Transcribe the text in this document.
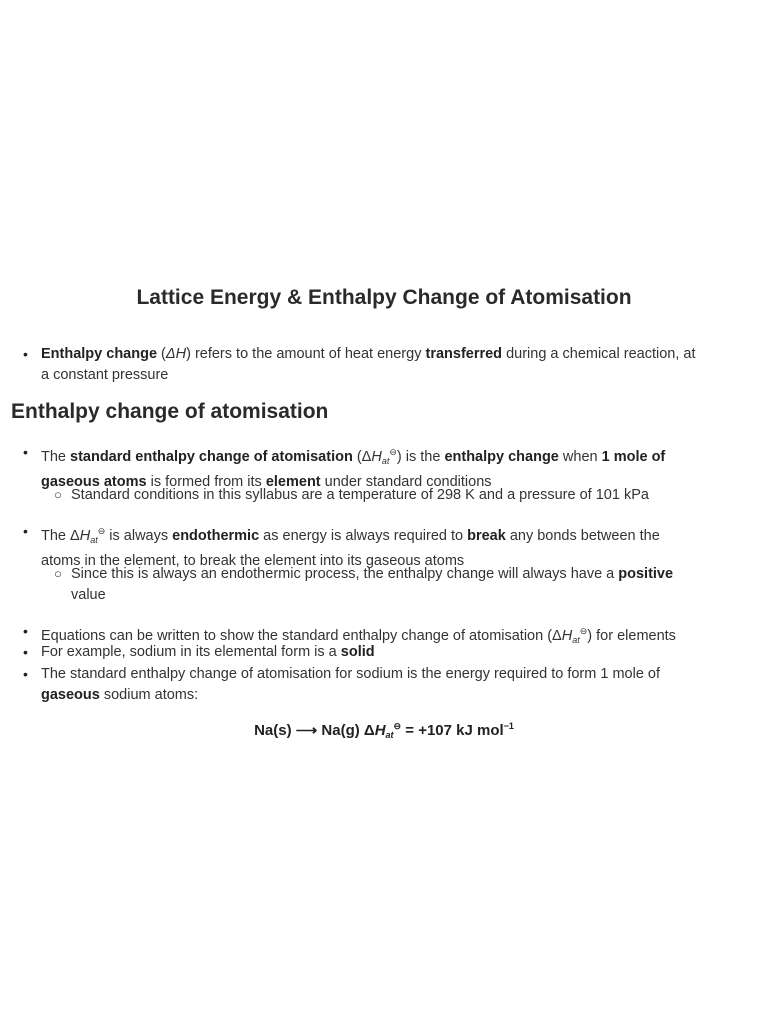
Lattice Energy & Enthalpy Change of Atomisation

• Enthalpy change (ΔH) refers to the amount of heat energy transferred during a chemical reaction, at
a constant pressure

Enthalpy change of atomisation

• The standard enthalpy change of atomisation $(\Delta H_{at}^⊖)$ is the enthalpy change when 1 mole of
gaseous atoms is formed from its element under standard conditions

○ Standard conditions in this syllabus are a temperature of 298 K and a pressure of 101 kPa

• The $\Delta H_{at}^⊖$ is always endothermic as energy is always required to break any bonds between the
atoms in the element, to break the element into its gaseous atoms

○ Since this is always an endothermic process, the enthalpy change will always have a positive
value

• Equations can be written to show the standard enthalpy change of atomisation $(\Delta H_{at}^⊖)$ for elements

• For example, sodium in its elemental form is a solid

• The standard enthalpy change of atomisation for sodium is the energy required to form 1 mole of
gaseous sodium atoms:

Na(s) ⟶ Na(g) $\Delta H_{at}^⊖ = +107$ kJ mol$^{-1}$
